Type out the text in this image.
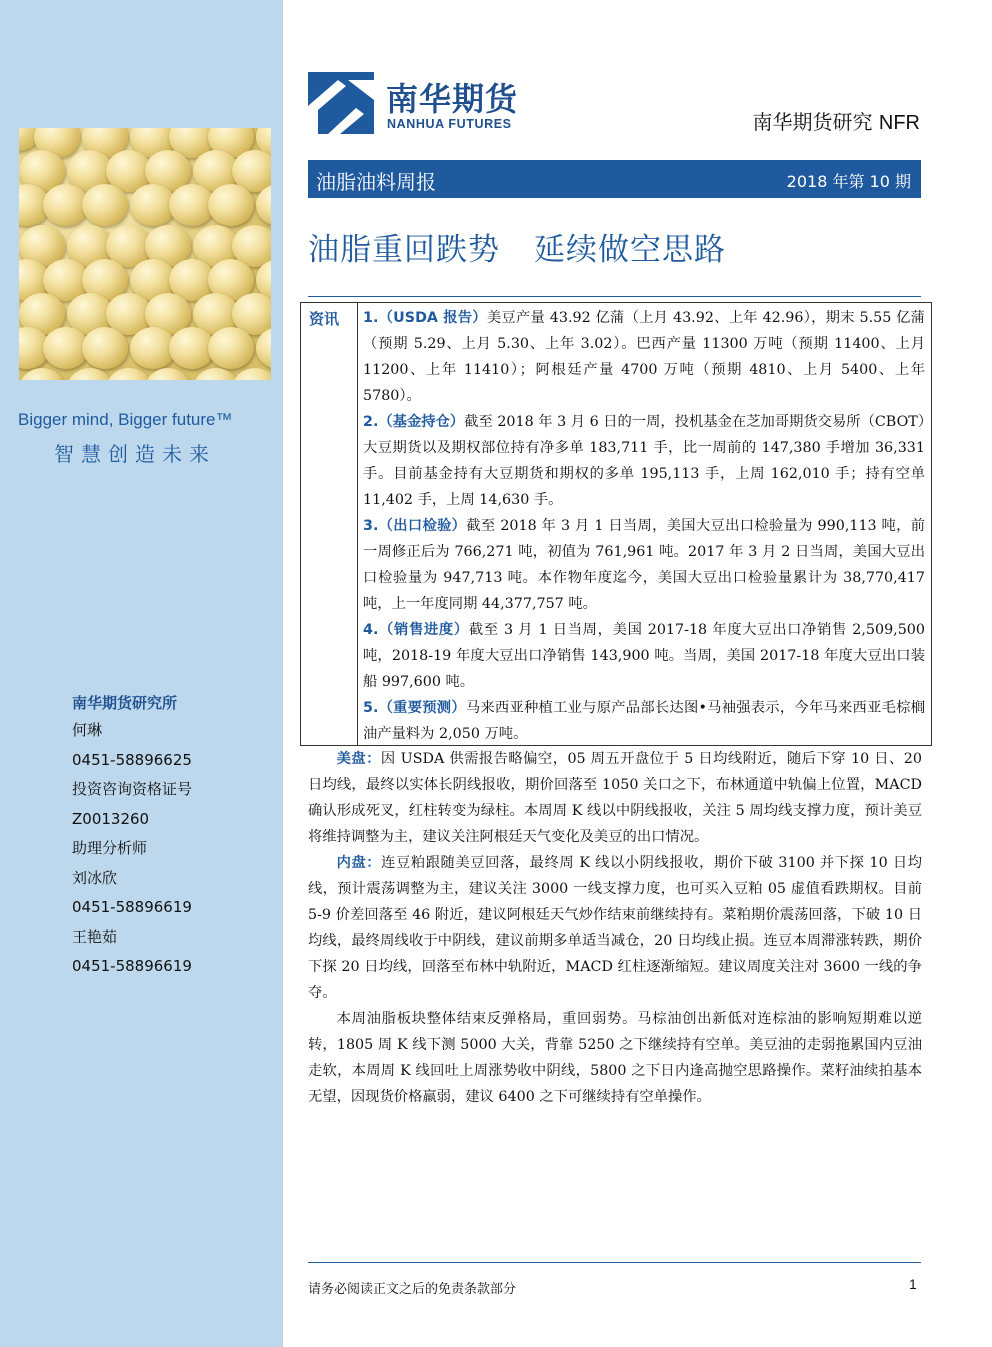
Bigger mind, Bigger future™
智慧创造未来
南华期货研究所
何琳
0451-58896625
投资咨询资格证号
Z0013260
助理分析师
刘冰欣
0451-58896619
王艳茹
0451-58896619
南华期货
NANHUA FUTURES	南华期货研究 NFR
油脂油料周报	2018 年第 10 期
油脂重回跌势 延续做空思路
资讯 1.（USDA 报告）美豆产量 43.92 亿蒲（上月 43.92、上年 42.96），期末 5.55 亿蒲（预期 5.29、上月 5.30、上年 3.02）。巴西产量 11300 万吨（预期 11400、上月 11200、上年 11410）；阿根廷产量 4700 万吨（预期 4810、上月 5400、上年 5780）。

2.（基金持仓）截至 2018 年 3 月 6 日的一周，投机基金在芝加哥期货交易所（CBOT）大豆期货以及期权部位持有净多单 183,711 手，比一周前的 147,380 手增加 36,331 手。目前基金持有大豆期货和期权的多单 195,113 手，上周 162,010 手；持有空单 11,402 手，上周 14,630 手。

3.（出口检验）截至 2018 年 3 月 1 日当周，美国大豆出口检验量为 990,113 吨，前一周修正后为 766,271 吨，初值为 761,961 吨。2017 年 3 月 2 日当周，美国大豆出口检验量为 947,713 吨。本作物年度迄今，美国大豆出口检验量累计为 38,770,417 吨，上一年度同期 44,377,757 吨。

4.（销售进度）截至 3 月 1 日当周，美国 2017-18 年度大豆出口净销售 2,509,500 吨，2018-19 年度大豆出口净销售 143,900 吨。当周，美国 2017-18 年度大豆出口装船 997,600 吨。

5.（重要预测）马来西亚种植工业与原产品部长达图•马袖强表示，今年马来西亚毛棕榈油产量料为 2,050 万吨。

美盘：因 USDA 供需报告略偏空，05 周五开盘位于 5 日均线附近，随后下穿 10 日、20 日均线，最终以实体长阴线报收，期价回落至 1050 关口之下，布林通道中轨偏上位置，MACD 确认形成死叉，红柱转变为绿柱。本周周 K 线以中阴线报收，关注 5 周均线支撑力度，预计美豆将维持调整为主，建议关注阿根廷天气变化及美豆的出口情况。

内盘：连豆粕跟随美豆回落，最终周 K 线以小阴线报收，期价下破 3100 并下探 10 日均线，预计震荡调整为主，建议关注 3000 一线支撑力度，也可买入豆粕 05 虚值看跌期权。目前 5-9 价差回落至 46 附近，建议阿根廷天气炒作结束前继续持有。菜粕期价震荡回落，下破 10 日均线，最终周线收于中阴线，建议前期多单适当减仓，20 日均线止损。连豆本周滞涨转跌，期价下探 20 日均线，回落至布林中轨附近，MACD 红柱逐渐缩短。建议周度关注对 3600 一线的争夺。

本周油脂板块整体结束反弹格局，重回弱势。马棕油创出新低对连棕油的影响短期难以逆转，1805 周 K 线下测 5000 大关，背靠 5250 之下继续持有空单。美豆油的走弱拖累国内豆油走软，本周周 K 线回吐上周涨势收中阴线，5800 之下日内逢高抛空思路操作。菜籽油续拍基本无望，因现货价格羸弱，建议 6400 之下可继续持有空单操作。

请务必阅读正文之后的免责条款部分	1
